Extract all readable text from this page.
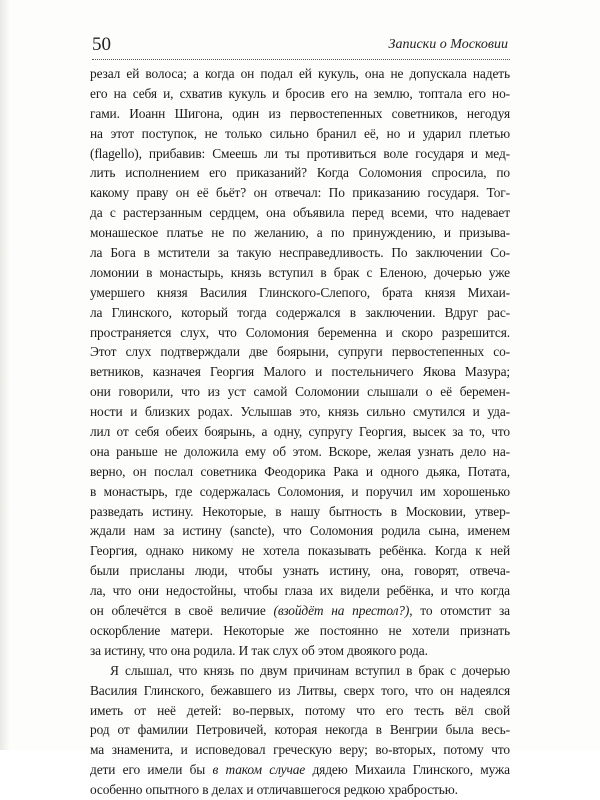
50	Записки о Московии
резал ей волоса; а когда он подал ей кукуль, она не допускала надеть
его на себя и, схватив кукуль и бросив его на землю, топтала его но-
гами. Иоанн Шигона, один из первостепенных советников, негодуя
на этот поступок, не только сильно бранил её, но и ударил плетью
(flagello), прибавив: Смеешь ли ты противиться воле государя и мед-
лить исполнением его приказаний? Когда Соломония спросила, по
какому праву он её бьёт? он отвечал: По приказанию государя. Тог-
да с растерзанным сердцем, она объявила перед всеми, что надевает
монашеское платье не по желанию, а по принуждению, и призыва-
ла Бога в мстители за такую несправедливость. По заключении Со-
ломонии в монастырь, князь вступил в брак с Еленою, дочерью уже
умершего князя Василия Глинского-Слепого, брата князя Михаи-
ла Глинского, который тогда содержался в заключении. Вдруг рас-
пространяется слух, что Соломония беременна и скоро разрешится.
Этот слух подтверждали две боярыни, супруги первостепенных со-
ветников, казначея Георгия Малого и постельничего Якова Мазура;
они говорили, что из уст самой Соломонии слышали о её беремен-
ности и близких родах. Услышав это, князь сильно смутился и уда-
лил от себя обеих боярынь, а одну, супругу Георгия, высек за то, что
она раньше не доложила ему об этом. Вскоре, желая узнать дело на-
верно, он послал советника Феодорика Рака и одного дьяка, Потата,
в монастырь, где содержалась Соломония, и поручил им хорошенько
разведать истину. Некоторые, в нашу бытность в Московии, утвер-
ждали нам за истину (sancte), что Соломония родила сына, именем
Георгия, однако никому не хотела показывать ребёнка. Когда к ней
были присланы люди, чтобы узнать истину, она, говорят, отвеча-
ла, что они недостойны, чтобы глаза их видели ребёнка, и что когда
он облечётся в своё величие (взойдёт на престол?), то отомстит за
оскорбление матери. Некоторые же постоянно не хотели признать
за истину, что она родила. И так слух об этом двоякого рода.
Я слышал, что князь по двум причинам вступил в брак с дочерью
Василия Глинского, бежавшего из Литвы, сверх того, что он надеялся
иметь от неё детей: во-первых, потому что его тесть вёл свой
род от фамилии Петровичей, которая некогда в Венгрии была весь-
ма знаменита, и исповедовал греческую веру; во-вторых, потому что
дети его имели бы в таком случае дядею Михаила Глинского, мужа
особенно опытного в делах и отличавшегося редкою храбростью.
